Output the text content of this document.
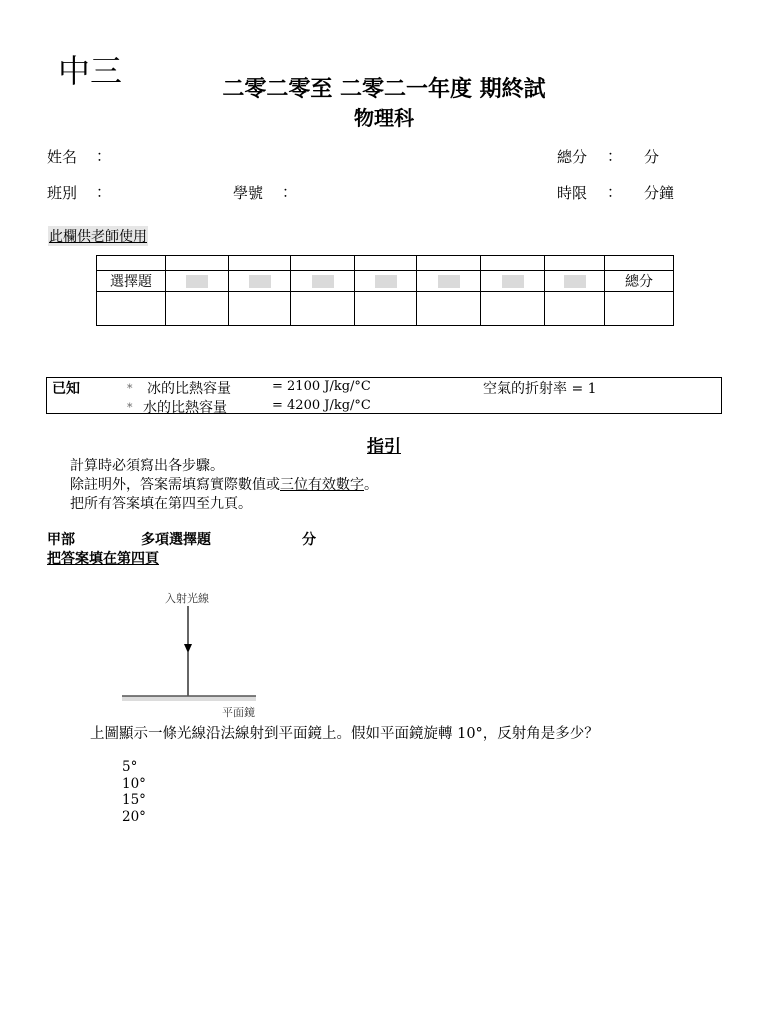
中三	二零二零至 二零二一年度 期終試
物理科
姓名 ：
班別 ：	學號 ：
總分 ： 分
時限 ： 分鐘
此欄供老師使用

選擇題								總分

已知	* 冰的比熱容量	= 2100 J/kg/°C	空氣的折射率 = 1
* 水的比熱容量	= 4200 J/kg/°C
指引
計算時必須寫出各步驟。
除註明外，答案需填寫實際數值或三位有效數字。
把所有答案填在第四至九頁。
甲部	多項選擇題	分
把答案填在第四頁
入射光線
平面鏡
上圖顯示一條光線沿法線射到平面鏡上。假如平面鏡旋轉 10°，反射角是多少？
5°
10°
15°
20°
